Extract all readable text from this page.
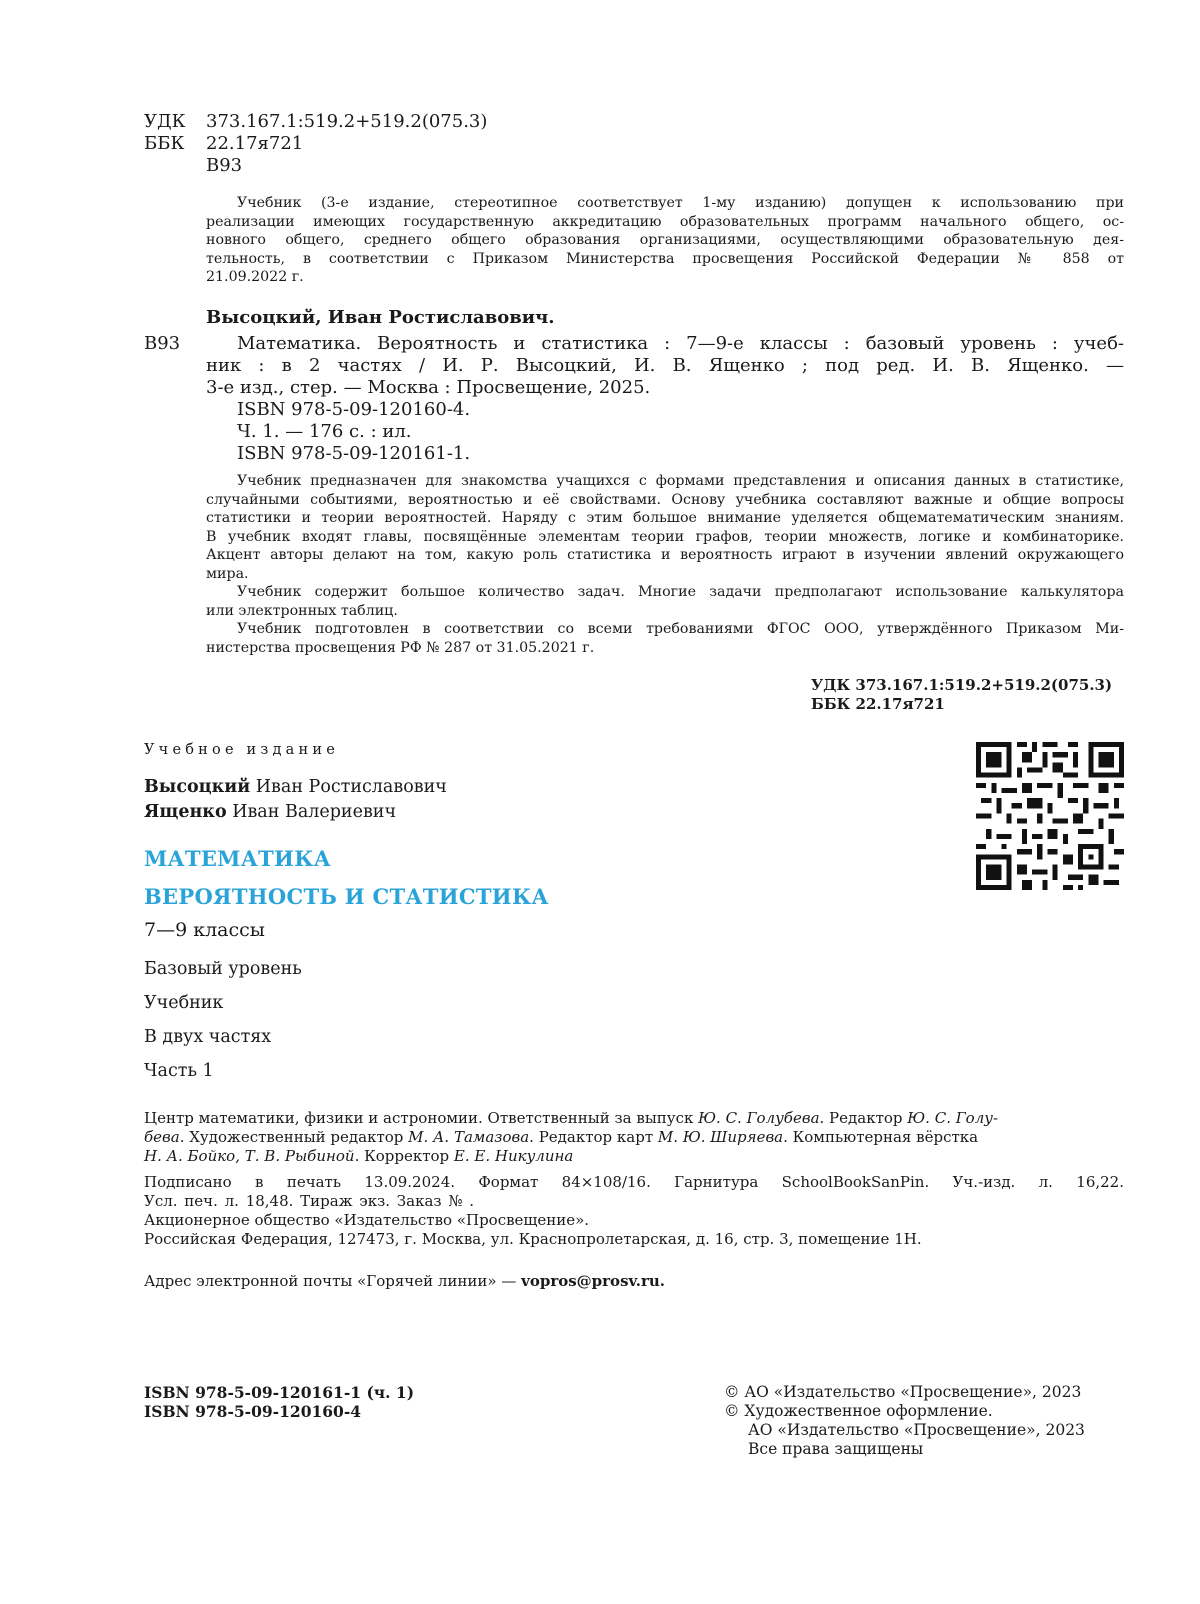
УДК 373.167.1:519.2+519.2(075.3)
ББК 22.17я721
В93
Учебник (3-е издание, стереотипное соответствует 1-му изданию) допущен к использованию при
реализации имеющих государственную аккредитацию образовательных программ начального общего, ос-
новного общего, среднего общего образования организациями, осуществляющими образовательную дея-
тельность, в соответствии с Приказом Министерства просвещения Российской Федерации № 858 от
21.09.2022 г.
Высоцкий, Иван Ростиславович.
В93	Математика. Вероятность и статистика : 7—9-е классы : базовый уровень : учеб-
ник : в 2 частях / И. Р. Высоцкий, И. В. Ященко ; под ред. И. В. Ященко. —
3-е изд., стер. — Москва : Просвещение, 2025.
ISBN 978-5-09-120160-4.
Ч. 1. — 176 с. : ил.
ISBN 978-5-09-120161-1.
Учебник предназначен для знакомства учащихся с формами представления и описания данных в статистике,
случайными событиями, вероятностью и её свойствами. Основу учебника составляют важные и общие вопросы
статистики и теории вероятностей. Наряду с этим большое внимание уделяется общематематическим знаниям.
В учебник входят главы, посвящённые элементам теории графов, теории множеств, логике и комбинаторике.
Акцент авторы делают на том, какую роль статистика и вероятность играют в изучении явлений окружающего
мира.
Учебник содержит большое количество задач. Многие задачи предполагают использование калькулятора
или электронных таблиц.
Учебник подготовлен в соответствии со всеми требованиями ФГОС ООО, утверждённого Приказом Ми-
нистерства просвещения РФ № 287 от 31.05.2021 г.
УДК 373.167.1:519.2+519.2(075.3)
ББК 22.17я721
Учебное издание
Высоцкий Иван Ростиславович
Ященко Иван Валериевич
МАТЕМАТИКА
ВЕРОЯТНОСТЬ И СТАТИСТИКА
7—9 классы
Базовый уровень
Учебник
В двух частях
Часть 1
Центр математики, физики и астрономии. Ответственный за выпуск Ю. С. Голубева. Редактор Ю. С. Голу-
бева. Художественный редактор М. А. Тамазова. Редактор карт М. Ю. Ширяева. Компьютерная вёрстка
Н. А. Бойко, Т. В. Рыбиной. Корректор Е. Е. Никулина
Подписано в печать 13.09.2024. Формат 84×108/16. Гарнитура SchoolBookSanPin. Уч.-изд. л. 16,22.
Усл. печ. л. 18,48. Тираж экз. Заказ № .
Акционерное общество «Издательство «Просвещение».
Российская Федерация, 127473, г. Москва, ул. Краснопролетарская, д. 16, стр. 3, помещение 1Н.
Адрес электронной почты «Горячей линии» — vopros@prosv.ru.
ISBN 978-5-09-120161-1 (ч. 1)
ISBN 978-5-09-120160-4
© АО «Издательство «Просвещение», 2023
© Художественное оформление.
АО «Издательство «Просвещение», 2023
Все права защищены
